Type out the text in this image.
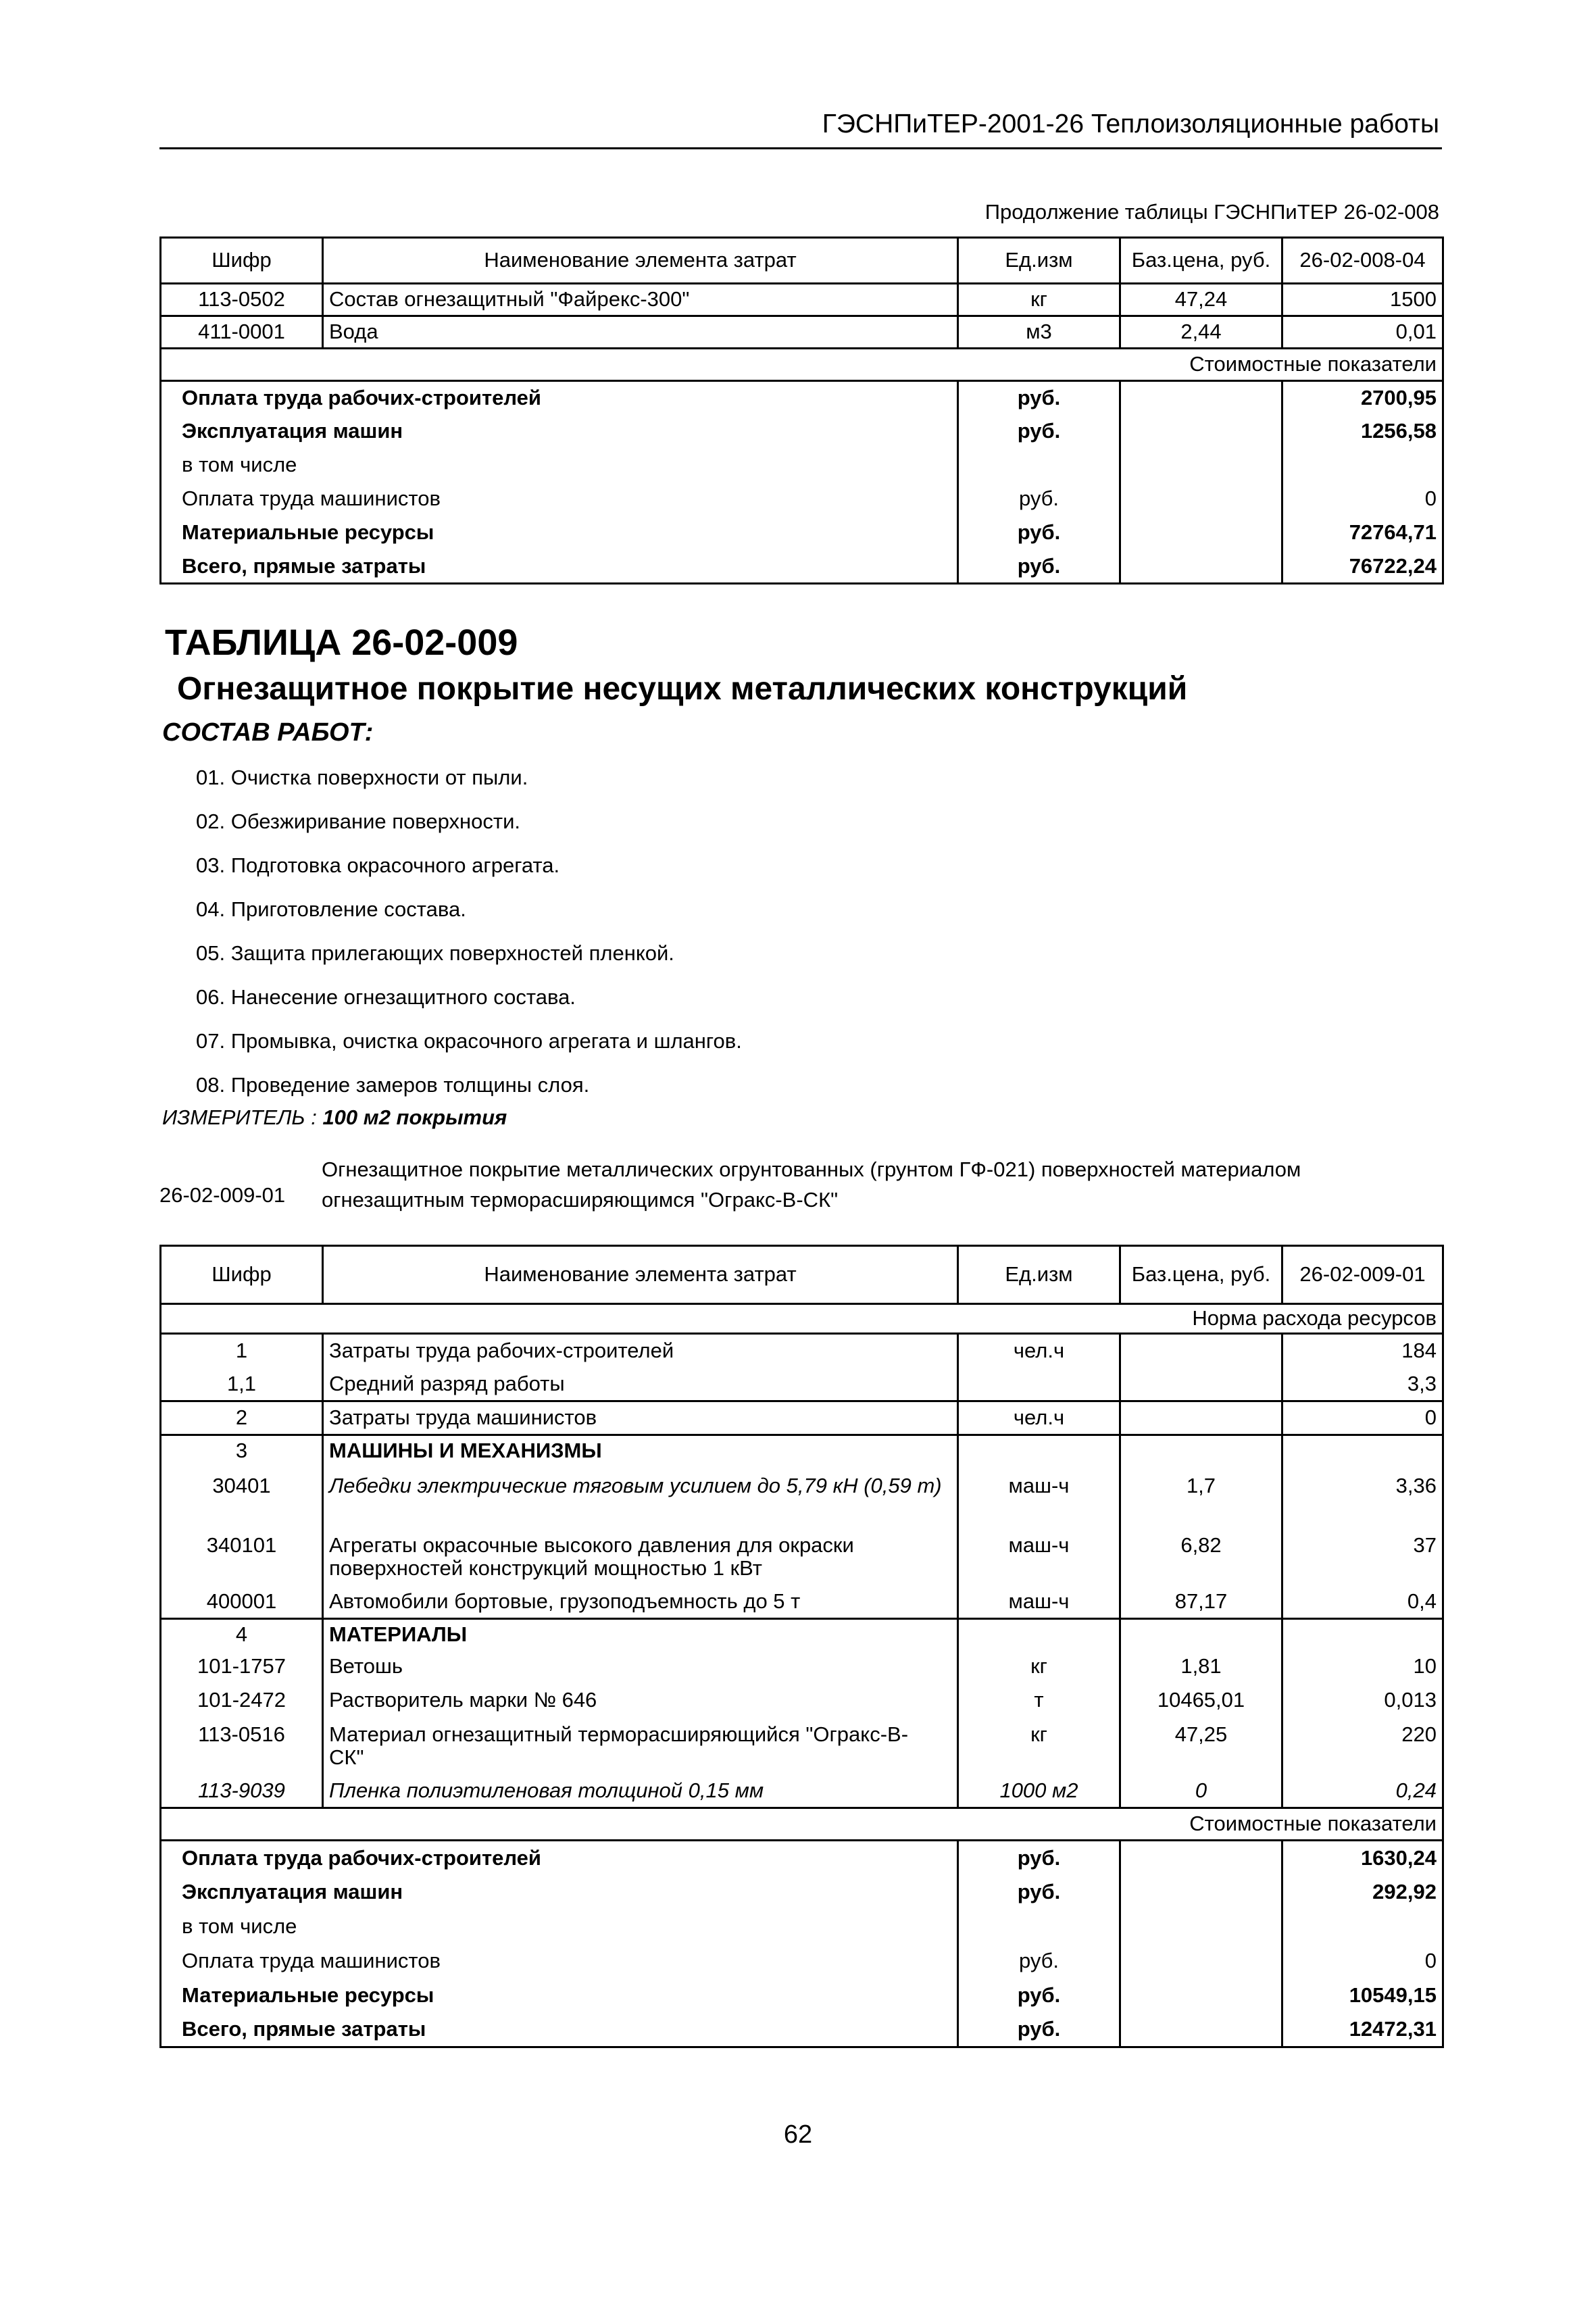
ГЭСНПиТЕР-2001-26 Теплоизоляционные работы
Продолжение таблицы ГЭСНПиТЕР 26-02-008
Шифр	Наименование элемента затрат	Ед.изм	Баз.цена, руб.	26-02-008-04
113-0502	Состав огнезащитный "Файрекс-300"	кг	47,24	1500
411-0001	Вода	м3	2,44	0,01
Стоимостные показатели				
Оплата труда рабочих-строителей		руб.		2700,95
Эксплуатация машин		руб.		1256,58
в том числе				
Оплата труда машинистов		руб.		0
Материальные ресурсы		руб.		72764,71
Всего, прямые затраты		руб.		76722,24
ТАБЛИЦА 26-02-009
Огнезащитное покрытие несущих металлических конструкций
СОСТАВ РАБОТ:
01. Очистка поверхности от пыли.
02. Обезжиривание поверхности.
03. Подготовка окрасочного агрегата.
04. Приготовление состава.
05. Защита прилегающих поверхностей пленкой.
06. Нанесение огнезащитного состава.
07. Промывка, очистка окрасочного агрегата и шлангов.
08. Проведение замеров толщины слоя.
ИЗМЕРИТЕЛЬ : 100 м2 покрытия
26-02-009-01
Огнезащитное покрытие металлических огрунтованных (грунтом ГФ-021) поверхностей материалом
огнезащитным терморасширяющимся "Огракс-В-СК"
Шифр	Наименование элемента затрат	Ед.изм	Баз.цена, руб.	26-02-009-01
Норма расхода ресурсов				
1	Затраты труда рабочих-строителей	чел.ч		184
1,1	Средний разряд работы			3,3
2	Затраты труда машинистов	чел.ч		0
3	МАШИНЫ И МЕХАНИЗМЫ			
30401	Лебедки электрические тяговым усилием до 5,79 кН (0,59 т)	маш-ч	1,7	3,36
340101	Агрегаты окрасочные высокого давления для окраски
поверхностей конструкций мощностью 1 кВт	маш-ч	6,82	37
400001	Автомобили бортовые, грузоподъемность до 5 т	маш-ч	87,17	0,4
4	МАТЕРИАЛЫ			
101-1757	Ветошь	кг	1,81	10
101-2472	Растворитель марки № 646	т	10465,01	0,013
113-0516	Материал огнезащитный терморасширяющийся "Огракс-В-
СК"	кг	47,25	220
113-9039	Пленка полиэтиленовая толщиной 0,15 мм	1000 м2	0	0,24
Стоимостные показатели				
Оплата труда рабочих-строителей		руб.		1630,24
Эксплуатация машин		руб.		292,92
в том числе				
Оплата труда машинистов		руб.		0
Материальные ресурсы		руб.		10549,15
Всего, прямые затраты		руб.		12472,31
62
